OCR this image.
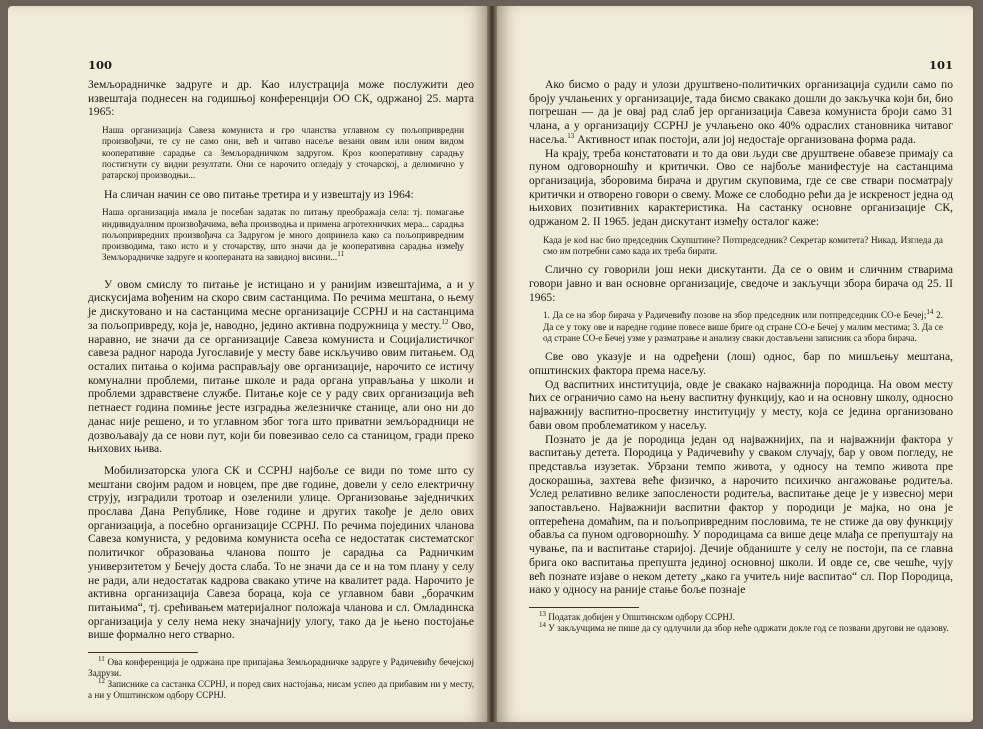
100

Земљорадничке задруге и др. Као илустрација може послужити део извештаја поднесен на годишњој конференцији ОО СК, одржаној 25. марта 1965:

Наша организација Савеза комуниста и гро чланства углавном су пољопривредни произвођачи, те су не само они, већ и читаво насеље везани овим или оним видом кооперативне сарадње са Земљорадничком задругом. Кроз кооперативну сарадњу постигнути су видни резултати. Они се нарочито огледају у сточарској, а делимично у ратарској производњи...

На сличан начин се ово питање третира и у извештају из 1964:

Наша организација имала је посебан задатак по питању преображаја села: тј. помагање индивидуалним произвођачима, већа производња и примена агротехничких мера... сарадња пољопривредних произвођача са Задругом је много допринела како са пољопривредним производима, тако исто и у сточарству, што значи да је кооперативна сарадња између Земљорадничке задруге и коопераната на завидној висини...$^{11}$

У овом смислу то питање је истицано и у ранијим извештајима, а и у дискусијама вођеним на скоро свим састанцима. По речима мештана, о њему је дискутовано и на састанцима месне организације ССРНЈ и на састанцима за пољопривреду, која је, наводно, једино активна подружница у месту.$^{12}$ Ово, наравно, не значи да се организације Савеза комуниста и Социјалистичког савеза радног народа Југославије у месту баве искључиво овим питањем. Од осталих питања о којима расправљају ове организације, нарочито се истичу комунални проблеми, питање школе и рада органа управљања у школи и проблеми здравствене службе. Питање које се у раду свих организација већ петнаест година помиње јесте изградња железничке станице, али оно ни до данас није решено, и то углавном због тога што приватни земљорадници не дозвољавају да се нови пут, који би повезивао село са станицом, гради преко њихових њива.

Мобилизаторска улога СК и ССРНЈ најбоље се види по томе што су мештани својим радом и новцем, пре две године, довели у село електричну струју, изградили тротоар и озеленили улице. Организовање заједничких прослава Дана Републике, Нове године и других такође је дело ових организација, а посебно организације ССРНЈ. По речима појединих чланова Савеза комуниста, у редовима комуниста осећа се недостатак систематског политичког образовања чланова пошто је сарадња са Радничким универзитетом у Бечеју доста слаба. То не значи да се и на том плану у селу не ради, али недостатак кадрова свакако утиче на квалитет рада. Нарочито је активна организација Савеза бораца, која се углавном бави „борачким питањима“, тј. срећивањем материјалног положаја чланова и сл. Омладинска организација у селу нема неку значајнију улогу, тако да је њено постојање више формално него стварно.

$^{11}$ Ова конференција је одржана пре припајања Земљорадничке задруге у Радичевићу бечејској Задрузи.
$^{12}$ Записнике са састанка ССРНЈ, и поред свих настојања, нисам успео да прибавим ни у месту, а ни у Општинском одбору ССРНЈ.
101

Ако бисмо о раду и улози друштвено-политичких организација судили само по броју учлањених у организације, тада бисмо свакако дошли до закључка који би, био погрешан — да је овај рад слаб јер организација Савеза комуниста броји само 31 члана, а у организацију ССРНЈ је учлањено око 40% одраслих становника читавог насеља.$^{13}$ Активност ипак постоји, али јој недостаје организована форма рада.

На крају, треба констатовати и то да ови људи све друштвене обавезе примају са пуном одговорношћу и критички. Ово се најбоље манифестује на састанцима организација, зборовима бирача и другим скуповима, где се све ствари посматрају критички и отворено говори о свему. Може се слободно рећи да је искреност једна од њихових позитивних карактеристика. На састанку основне организације СК, одржаном 2. II 1965. један дискутант између осталог каже:

Када је кod нас био председник Скупштине? Потпредседник? Секретар комитета? Никад. Изгледа да смо им потребни само када их треба бирати.

Слично су говорили још неки дискутанти. Да се о овим и сличним стварима говори јавно и ван основне организације, сведоче и закључци зборa бирача од 25. II 1965:

1. Да се на збор бирача у Радичевићу позове на збор председник или потпредседник СО-е Бечеј;$^{14}$ 2. Да се у току ове и наредне године повесе више бриге од стране СО-е Бечеј у малим местима; 3. Да се од стране СО-е Бечеј узме у разматрање и анализу сваки достављени записник са збора бирача.

Све ово указује и на одређени (лош) однос, бар по мишљењу мештана, општинских фактора према насељу.

Од васпитних институција, овде је свакако најважнија породица. На овом месту ћих се ограничио само на њену васпитну функцију, као и на основну школу, односно најважнију васпитно-просветну институцију у месту, која се једина организовано бави овом проблематиком у насељу.

Познато је да је породица један од најважнијих, па и најважнији фактора у васпитању детета. Породица у Радичевићу у сваком случају, бар у овом погледу, не представља изузетак. Убрзани темпо живота, у односу на темпо живота пре доскорашња, захтева веће физичко, а нарочито психичко ангажовање родитеља. Услед релативно велике запослености родитеља, васпитање деце је у извесној мери запостављено. Најважнији васпитни фактор у породици је мајка, но она је оптерећена домаћим, па и пољопривредним пословима, те не стиже да ову функцију обавља са пуном одговорношћу. У породицама са више деце млађа се препуштају на чување, па и васпитање старијој. Дечије обданиште у селу не постоји, па се главна брига око васпитања препушта јединој основној школи. И овде се, све чешће, чују већ познате изјаве о неком детету „како га учитељ није васпитао“ сл. Пор Породица, иако у односу на раније стање боље познаје

$^{13}$ Податак добијен у Општинском одбору ССРНЈ.
$^{14}$ У закључцима не пише да су одлучили да збор неће одржати докле год се позвани другови не одазову.
